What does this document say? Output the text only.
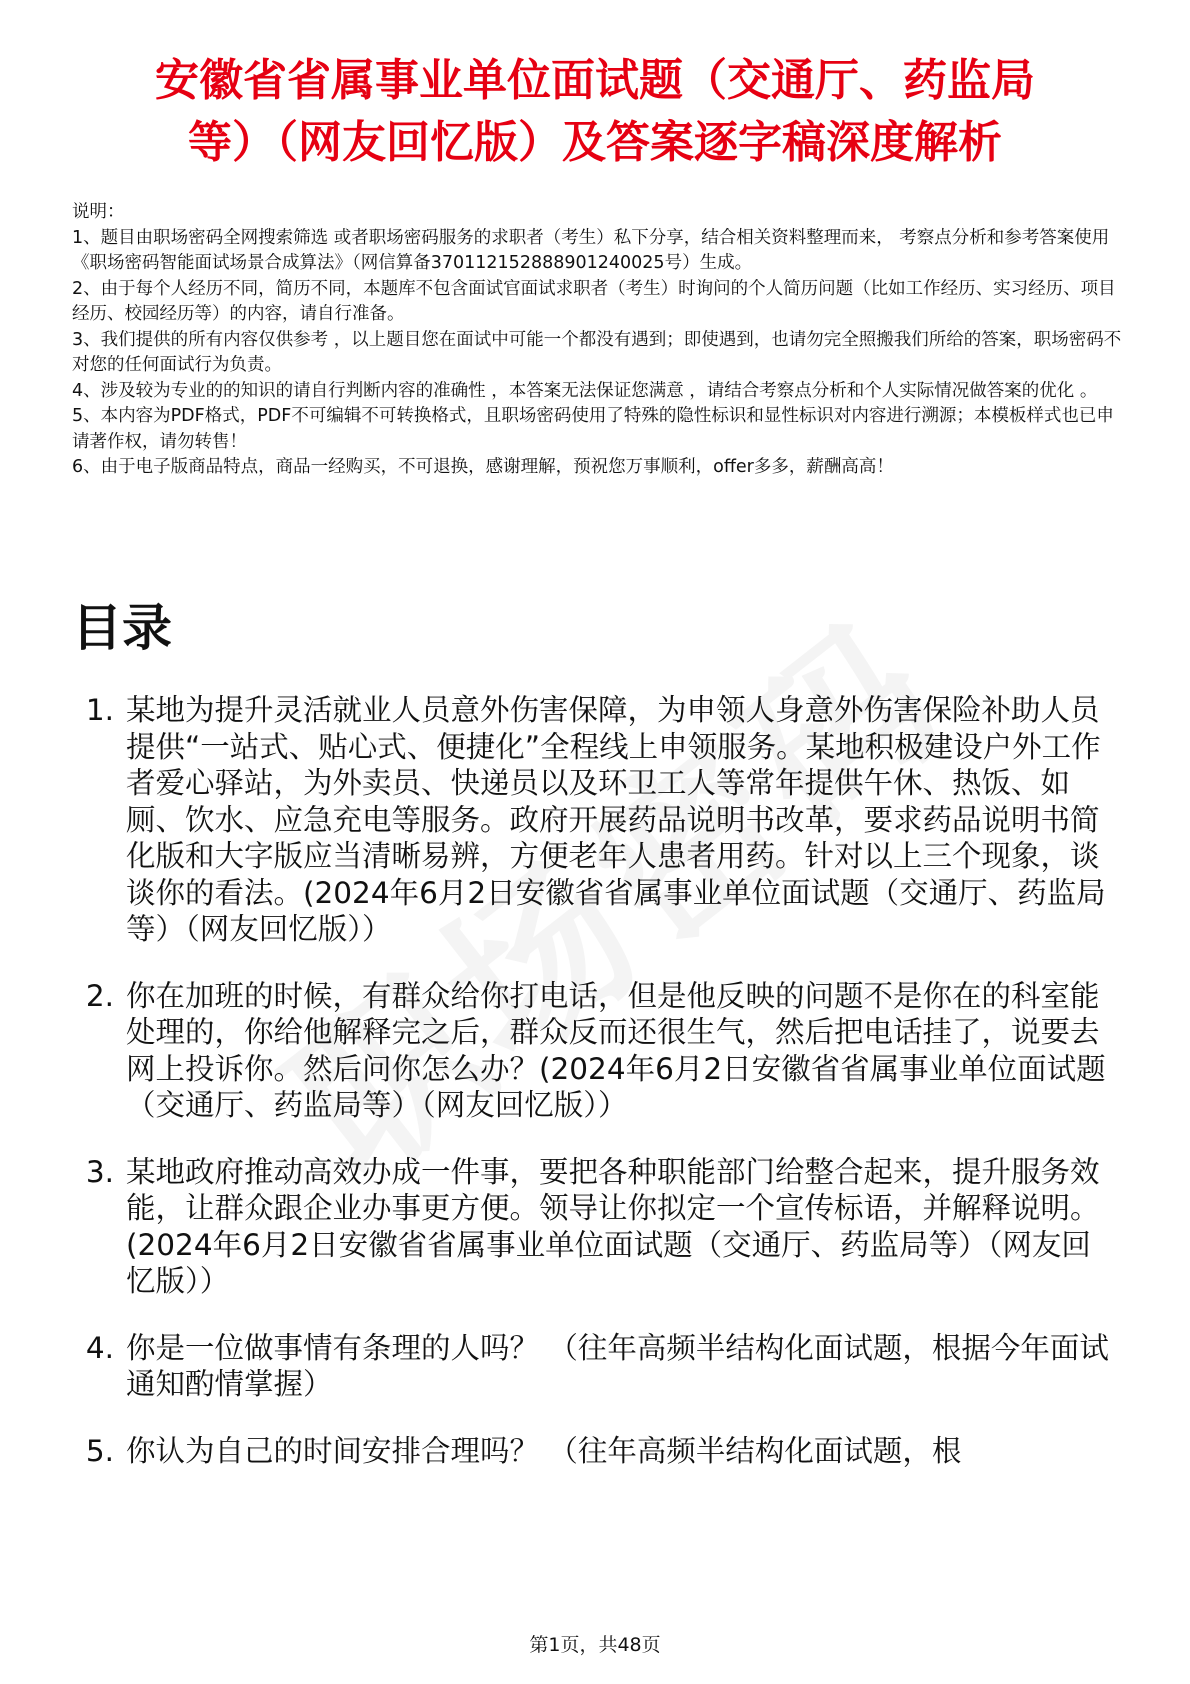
安徽省省属事业单位面试题（交通厅、药监局
等）（网友回忆版）及答案逐字稿深度解析

说明：

1、题目由职场密码全网搜索筛选 或者职场密码服务的求职者（考生）私下分享，结合相关资料整理而来， 考察点分析和参考答案使用《职场密码智能面试场景合成算法》（网信算备370112152888901240025号）生成。

2、由于每个人经历不同，简历不同，本题库不包含面试官面试求职者（考生）时询问的个人简历问题（比如工作经历、实习经历、项目经历、校园经历等）的内容，请自行准备。

3、我们提供的所有内容仅供参考 ，以上题目您在面试中可能一个都没有遇到；即使遇到，也请勿完全照搬我们所给的答案，职场密码不对您的任何面试行为负责。

4、涉及较为专业的的知识的请自行判断内容的准确性 ，本答案无法保证您满意 ，请结合考察点分析和个人实际情况做答案的优化 。

5、本内容为PDF格式，PDF不可编辑不可转换格式，且职场密码使用了特殊的隐性标识和显性标识对内容进行溯源；本模板样式也已申请著作权，请勿转售！

6、由于电子版商品特点，商品一经购买，不可退换，感谢理解，预祝您万事顺利，offer多多，薪酬高高！

目录
1. 某地为提升灵活就业人员意外伤害保障，为申领人身意外伤害保险补助人员提供“一站式、贴心式、便捷化”全程线上申领服务。某地积极建设户外工作者爱心驿站，为外卖员、快递员以及环卫工人等常年提供午休、热饭、如厕、饮水、应急充电等服务。政府开展药品说明书改革，要求药品说明书简化版和大字版应当清晰易辨，方便老年人患者用药。针对以上三个现象，谈谈你的看法。(2024年6月2日安徽省省属事业单位面试题（交通厅、药监局等）（网友回忆版））
2. 你在加班的时候，有群众给你打电话，但是他反映的问题不是你在的科室能处理的，你给他解释完之后，群众反而还很生气，然后把电话挂了，说要去网上投诉你。然后问你怎么办？(2024年6月2日安徽省省属事业单位面试题（交通厅、药监局等）（网友回忆版））
3. 某地政府推动高效办成一件事，要把各种职能部门给整合起来，提升服务效能，让群众跟企业办事更方便。领导让你拟定一个宣传标语，并解释说明。(2024年6月2日安徽省省属事业单位面试题（交通厅、药监局等）（网友回忆版））
4. 你是一位做事情有条理的人吗？ （往年高频半结构化面试题，根据今年面试通知酌情掌握）
5. 你认为自己的时间安排合理吗？ （往年高频半结构化面试题，根
第1页，共48页
